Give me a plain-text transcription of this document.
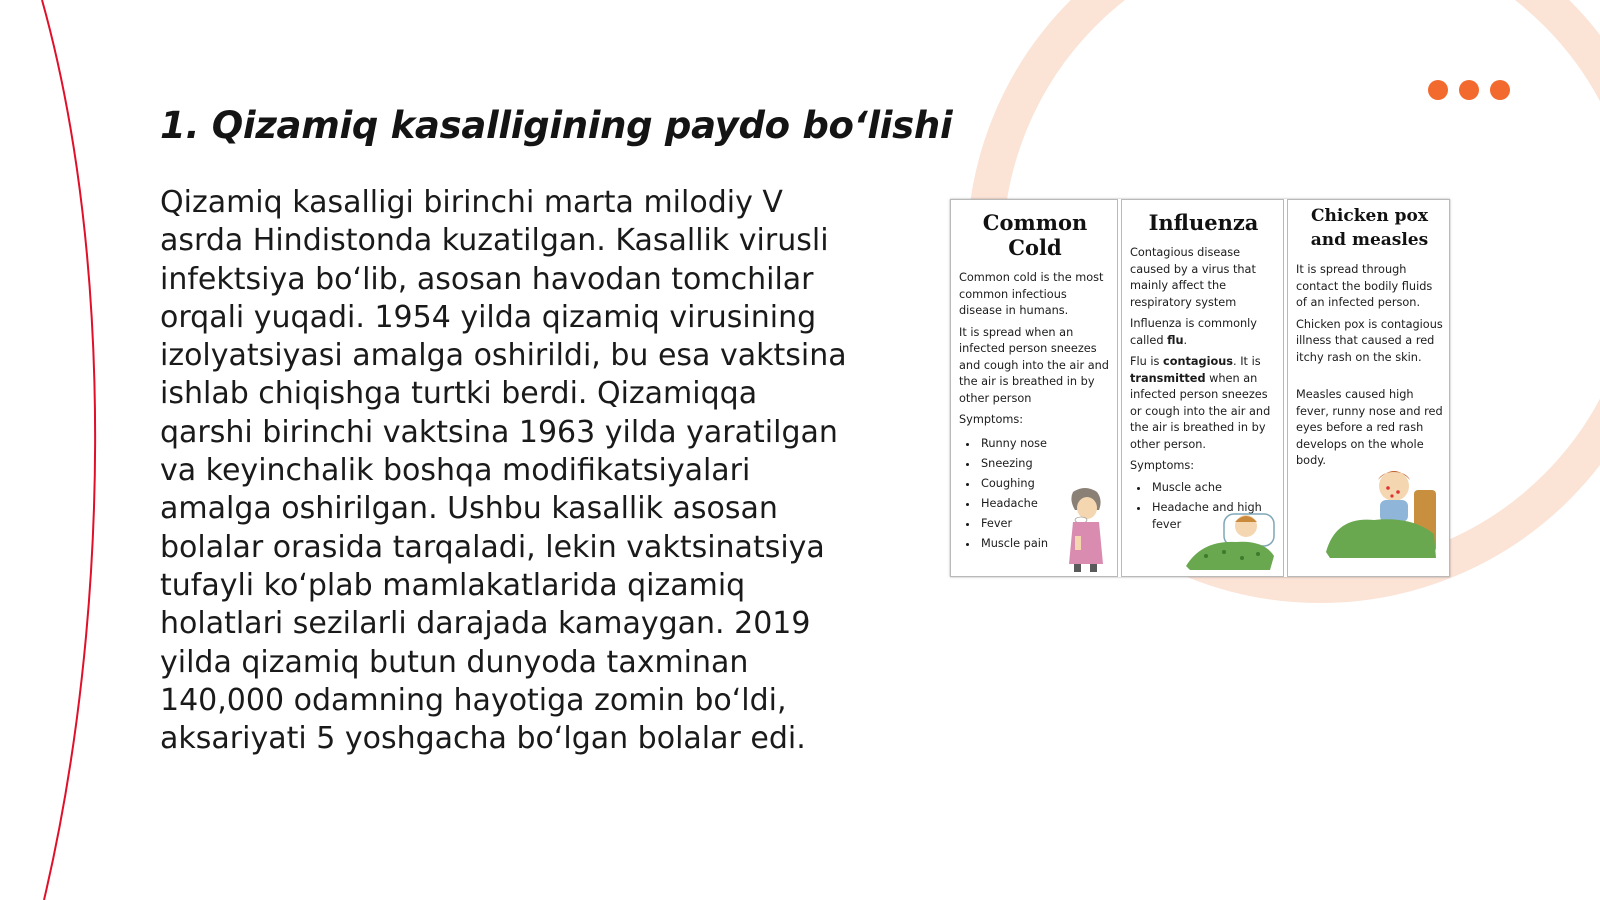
1. Qizamiq kasalligining paydo bo‘lishi

Qizamiq kasalligi birinchi marta milodiy V asrda Hindistonda kuzatilgan. Kasallik virusli infektsiya bo‘lib, asosan havodan tomchilar orqali yuqadi. 1954 yilda qizamiq virusining izolyatsiyasi amalga oshirildi, bu esa vaktsina ishlab chiqishga turtki berdi. Qizamiqqa qarshi birinchi vaktsina 1963 yilda yaratilgan va keyinchalik boshqa modifikatsiyalari amalga oshirilgan. Ushbu kasallik asosan bolalar orasida tarqaladi, lekin vaktsinatsiya tufayli ko‘plab mamlakatlarida qizamiq holatlari sezilarli darajada kamaygan. 2019 yilda qizamiq butun dunyoda taxminan 140,000 odamning hayotiga zomin bo‘ldi, aksariyati 5 yoshgacha bo‘lgan bolalar edi.

Common Cold

Common cold is the most common infectious disease in humans.

It is spread when an infected person sneezes and cough into the air and the air is breathed in by other person

Symptoms:

• Runny nose
• Sneezing
• Coughing
• Headache
• Fever
• Muscle pain
Influenza

Contagious disease caused by a virus that mainly affect the respiratory system

Influenza is commonly called flu.

Flu is contagious. It is transmitted when an infected person sneezes or cough into the air and the air is breathed in by other person.

Symptoms:

• Muscle ache
• Headache and high fever
Chicken pox and measles

It is spread through contact the bodily fluids of an infected person.

Chicken pox is contagious illness that caused a red itchy rash on the skin.

Measles caused high fever, runny nose and red eyes before a red rash develops on the whole body.
